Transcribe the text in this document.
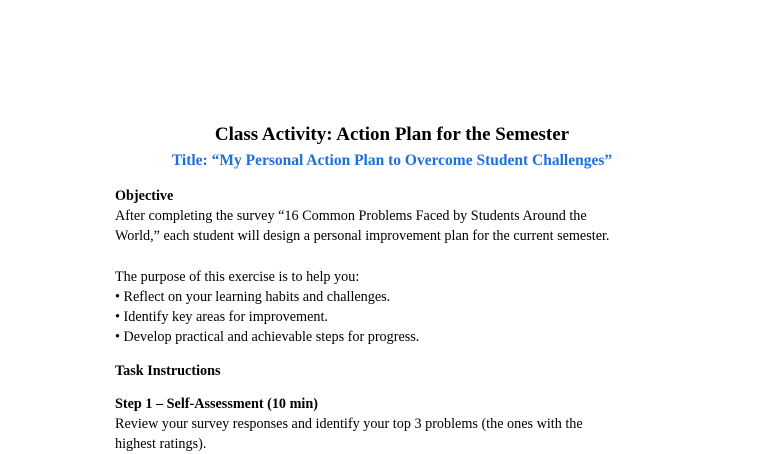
Class Activity: Action Plan for the Semester
Title: “My Personal Action Plan to Overcome Student Challenges”
Objective
After completing the survey “16 Common Problems Faced by Students Around the
World,” each student will design a personal improvement plan for the current semester.
The purpose of this exercise is to help you:
• Reflect on your learning habits and challenges.
• Identify key areas for improvement.
• Develop practical and achievable steps for progress.
Task Instructions
Step 1 – Self-Assessment (10 min)
Review your survey responses and identify your top 3 problems (the ones with the
highest ratings).
